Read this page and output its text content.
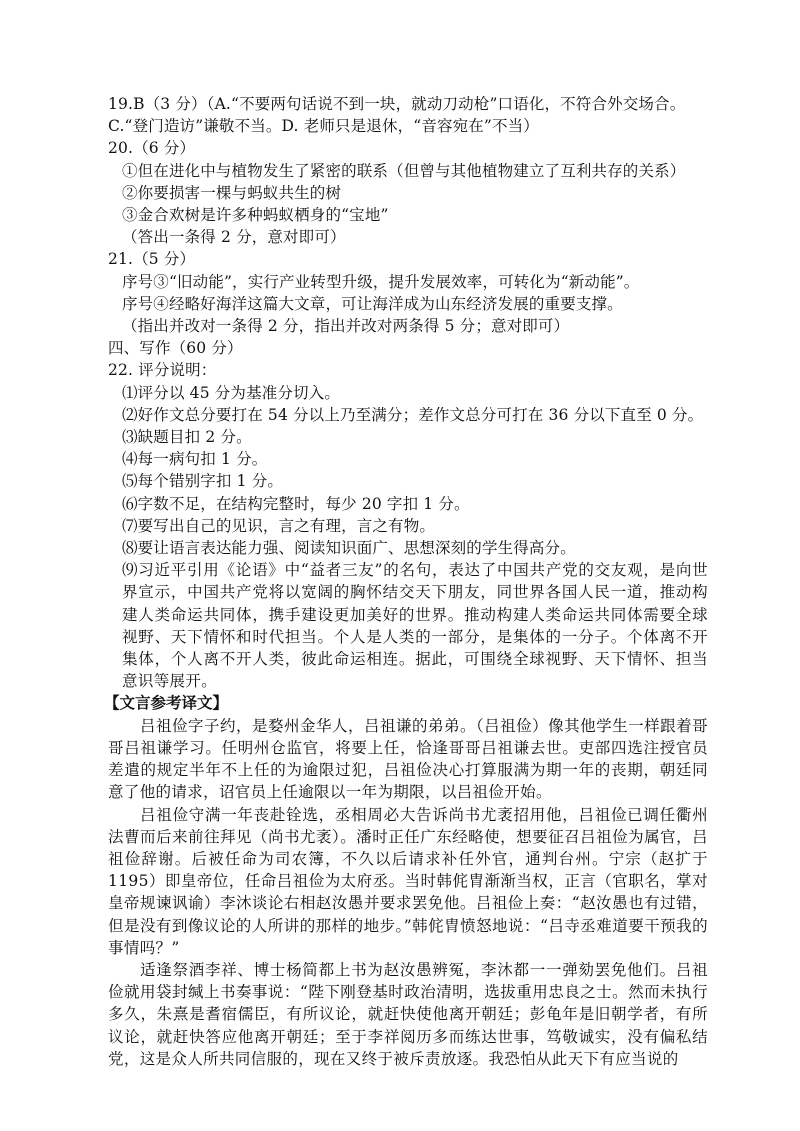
19.B（3 分）（A.“不要两句话说不到一块，就动刀动枪”口语化，不符合外交场合。
C.“登门造访”谦敬不当。D. 老师只是退休，“音容宛在”不当）
20.（6 分）
①但在进化中与植物发生了紧密的联系（但曾与其他植物建立了互利共存的关系）
②你要损害一棵与蚂蚁共生的树
③金合欢树是许多种蚂蚁栖身的“宝地”
（答出一条得 2 分，意对即可）
21.（5 分）
序号③“旧动能”，实行产业转型升级，提升发展效率，可转化为“新动能”。
序号④经略好海洋这篇大文章，可让海洋成为山东经济发展的重要支撑。
（指出并改对一条得 2 分，指出并改对两条得 5 分；意对即可）
四、写作（60 分）
22. 评分说明：
⑴评分以 45 分为基准分切入。
⑵好作文总分要打在 54 分以上乃至满分；差作文总分可打在 36 分以下直至 0 分。
⑶缺题目扣 2 分。
⑷每一病句扣 1 分。
⑸每个错别字扣 1 分。
⑹字数不足，在结构完整时，每少 20 字扣 1 分。
⑺要写出自己的见识，言之有理，言之有物。
⑻要让语言表达能力强、阅读知识面广、思想深刻的学生得高分。
⑼习近平引用《论语》中“益者三友”的名句，表达了中国共产党的交友观，是向世界宣示，中国共产党将以宽阔的胸怀结交天下朋友，同世界各国人民一道，推动构建人类命运共同体，携手建设更加美好的世界。推动构建人类命运共同体需要全球视野、天下情怀和时代担当。个人是人类的一部分，是集体的一分子。个体离不开集体，个人离不开人类，彼此命运相连。据此，可围绕全球视野、天下情怀、担当意识等展开。
【文言参考译文】
吕祖俭字子约，是婺州金华人，吕祖谦的弟弟。（吕祖俭）像其他学生一样跟着哥哥吕祖谦学习。任明州仓监官，将要上任，恰逢哥哥吕祖谦去世。吏部四选注授官员差遣的规定半年不上任的为逾限过犯，吕祖俭决心打算服满为期一年的丧期，朝廷同意了他的请求，诏官员上任逾限以一年为期限，以吕祖俭开始。
吕祖俭守满一年丧赴铨选，丞相周必大告诉尚书尤袤招用他，吕祖俭已调任衢州法曹而后来前往拜见（尚书尤袤）。潘时正任广东经略使，想要征召吕祖俭为属官，吕祖俭辞谢。后被任命为司农簿，不久以后请求补任外官，通判台州。宁宗（赵扩于 1195）即皇帝位，任命吕祖俭为太府丞。当时韩侂胄渐渐当权，正言（官职名，掌对皇帝规谏讽谕）李沐谈论右相赵汝愚并要求罢免他。吕祖俭上奏：“赵汝愚也有过错，但是没有到像议论的人所讲的那样的地步。”韩侂胄愤怒地说：“吕寺丞难道要干预我的事情吗？”
适逢祭酒李祥、博士杨简都上书为赵汝愚辨冤，李沐都一一弹劾罢免他们。吕祖俭就用袋封缄上书奏事说：“陛下刚登基时政治清明，选拔重用忠良之士。然而未执行多久，朱熹是耆宿儒臣，有所议论，就赶快使他离开朝廷；彭龟年是旧朝学者，有所议论，就赶快答应他离开朝廷；至于李祥阅历多而练达世事，笃敬诚实，没有偏私结党，这是众人所共同信服的，现在又终于被斥责放逐。我恐怕从此天下有应当说的
